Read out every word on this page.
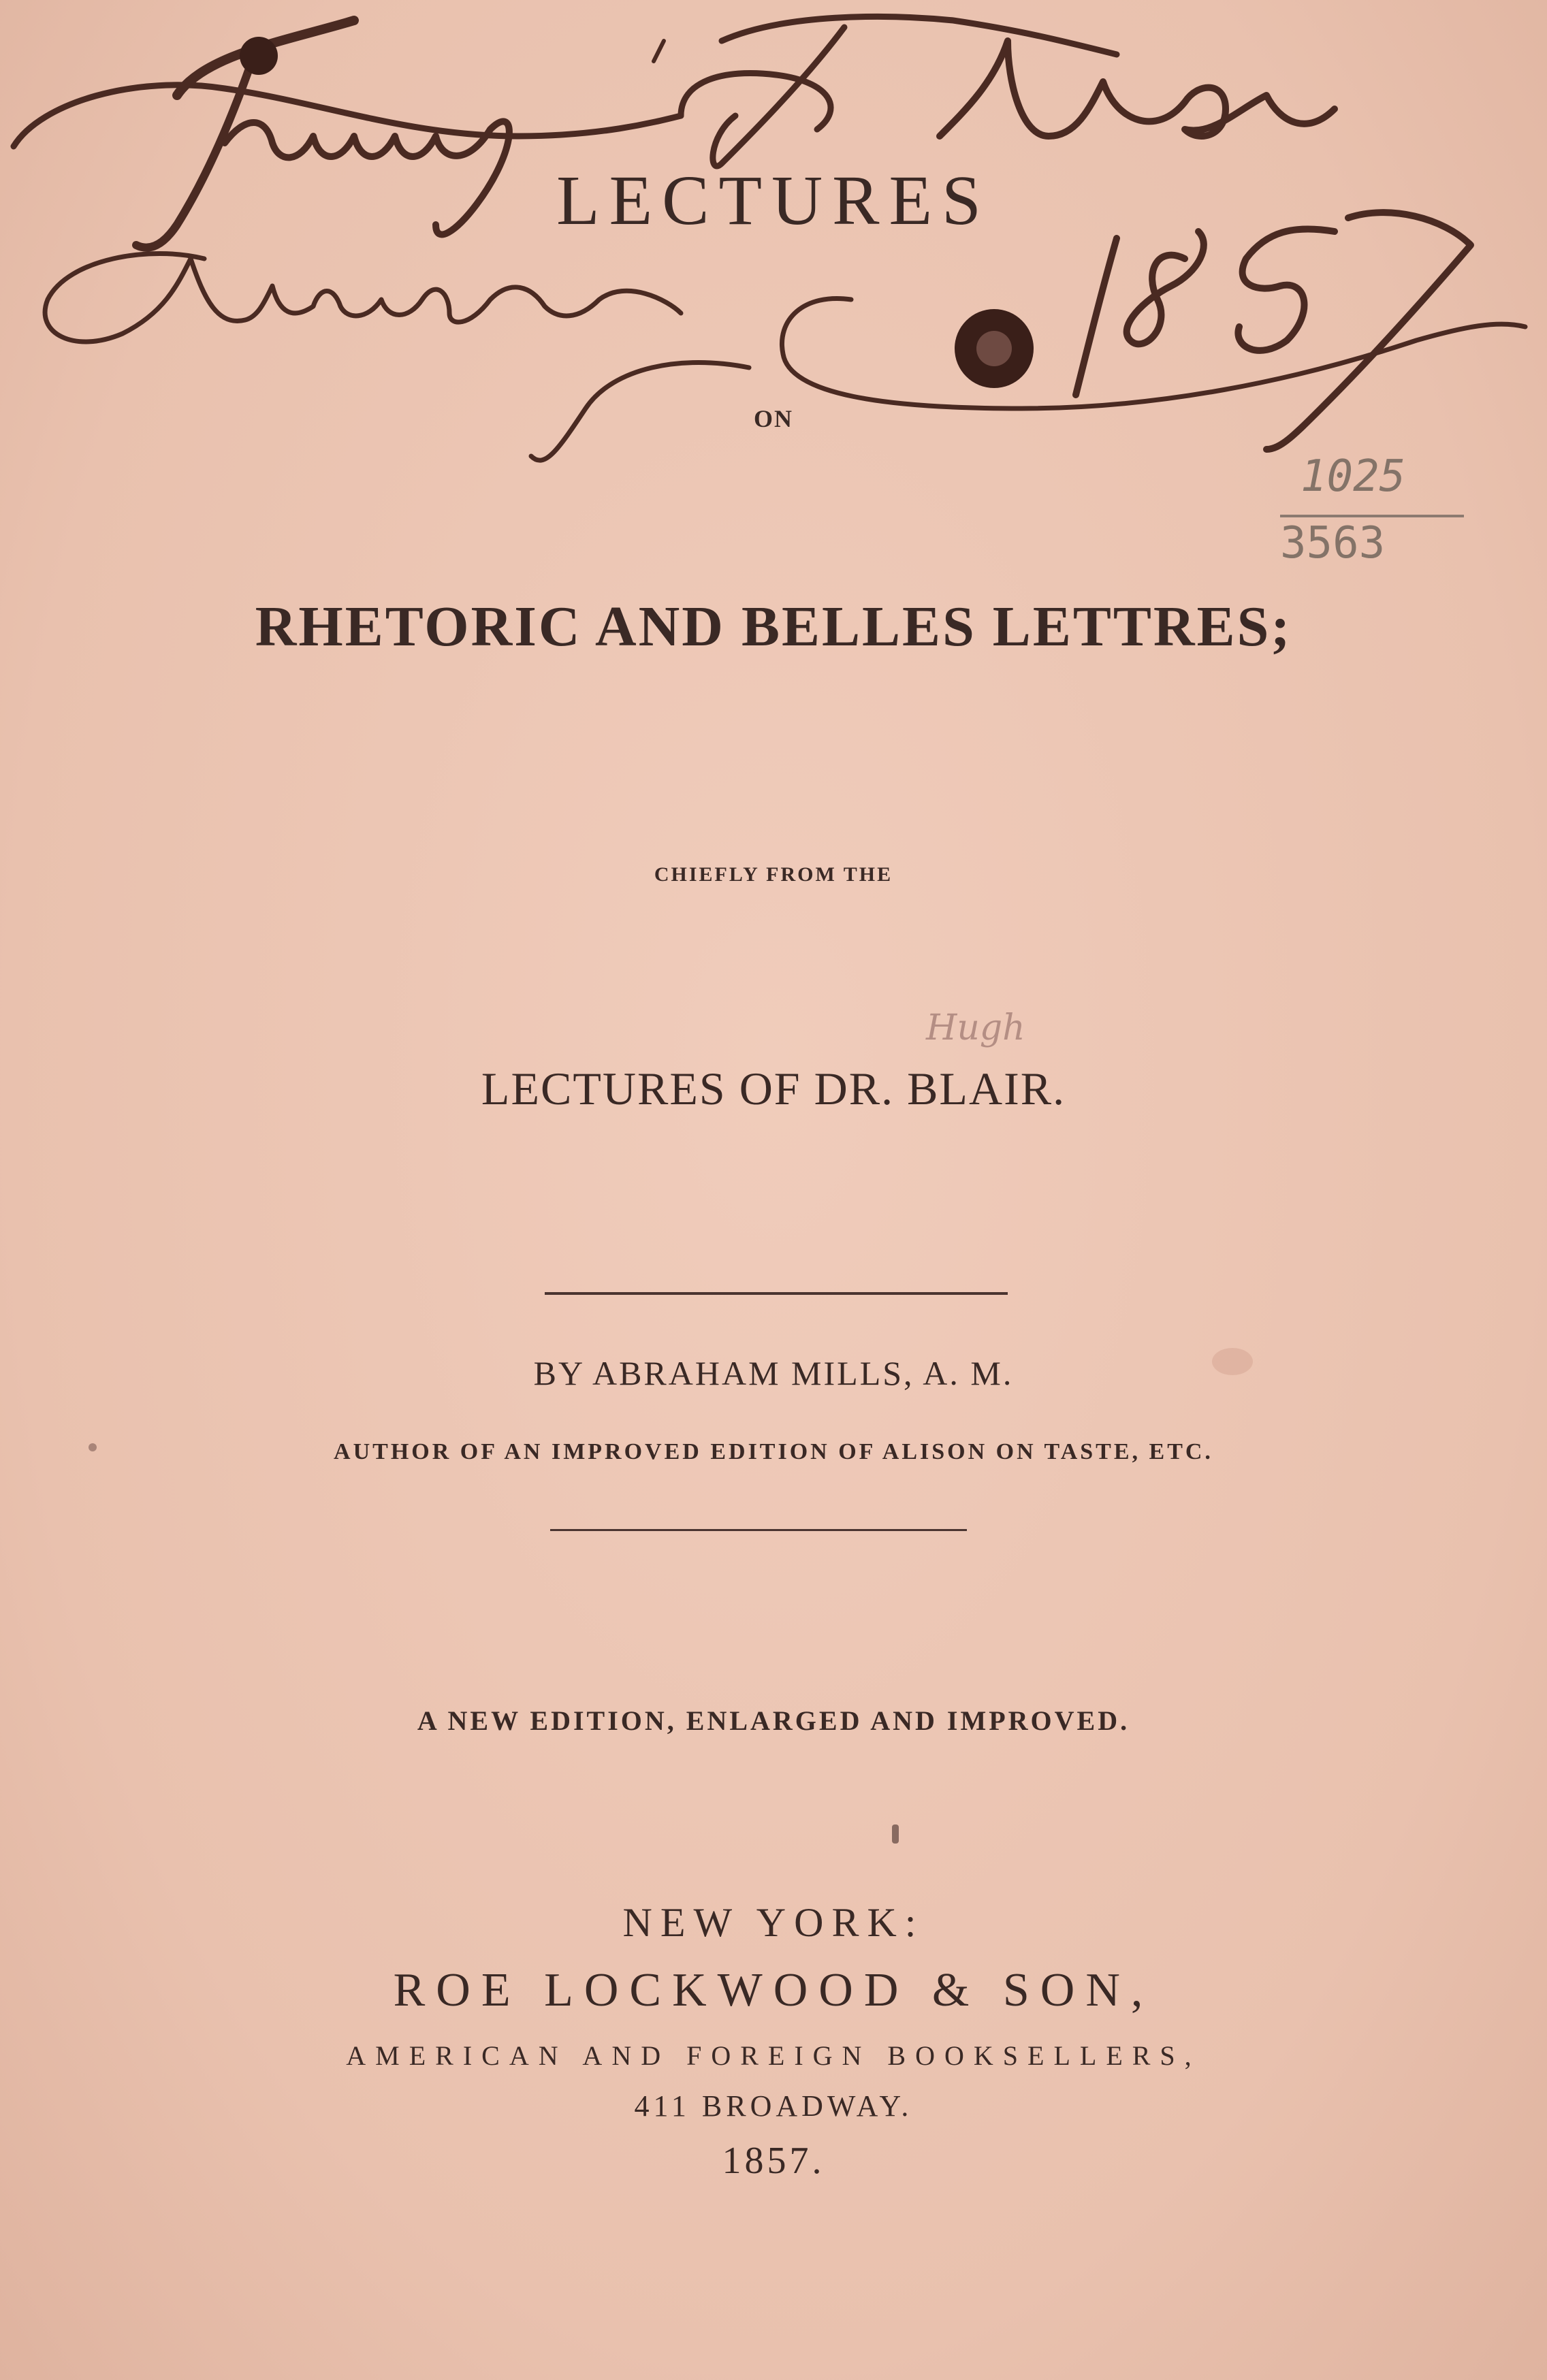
LECTURES
ON
RHETORIC AND BELLES LETTRES;
CHIEFLY FROM THE
LECTURES OF DR. BLAIR.
BY ABRAHAM MILLS, A. M.
AUTHOR OF AN IMPROVED EDITION OF ALISON ON TASTE, ETC.
A NEW EDITION, ENLARGED AND IMPROVED.
NEW YORK:
ROE LOCKWOOD & SON,
AMERICAN AND FOREIGN BOOKSELLERS,
411 BROADWAY.
1857.
Hugh
1025
3563
